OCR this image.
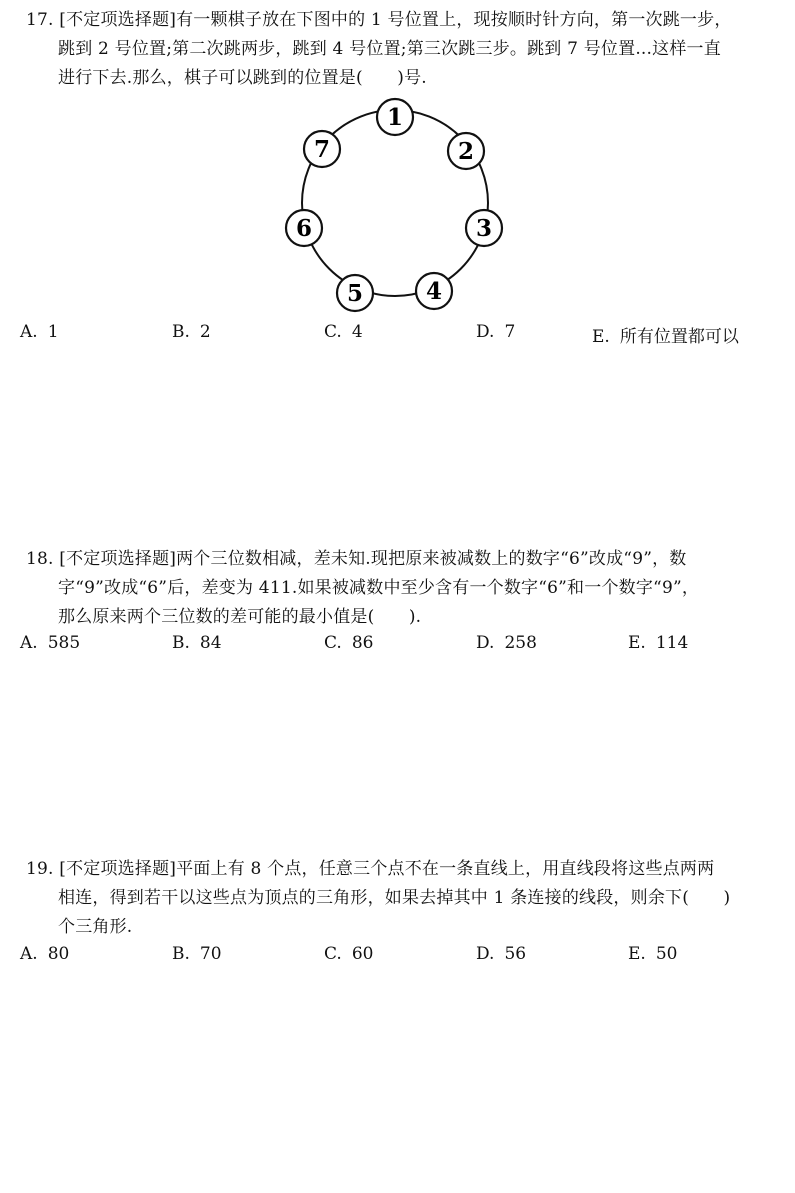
17. [不定项选择题]有一颗棋子放在下图中的 1 号位置上，现按顺时针方向，第一次跳一步，
跳到 2 号位置;第二次跳两步，跳到 4 号位置;第三次跳三步。跳到 7 号位置...这样一直
进行下去.那么，棋子可以跳到的位置是(　　)号.
1
2
3
4
5
6
7
A. 1	B. 2	C. 4	D. 7	E. 所有位置都可以
18. [不定项选择题]两个三位数相减，差未知.现把原来被减数上的数字“6”改成“9”，数
字“9”改成“6”后，差变为 411.如果被减数中至少含有一个数字“6”和一个数字“9”，
那么原来两个三位数的差可能的最小值是(　　).
A. 585	B. 84	C. 86	D. 258	E. 114
19. [不定项选择题]平面上有 8 个点，任意三个点不在一条直线上，用直线段将这些点两两
相连，得到若干以这些点为顶点的三角形，如果去掉其中 1 条连接的线段，则余下(　　)
个三角形.
A. 80	B. 70	C. 60	D. 56	E. 50
